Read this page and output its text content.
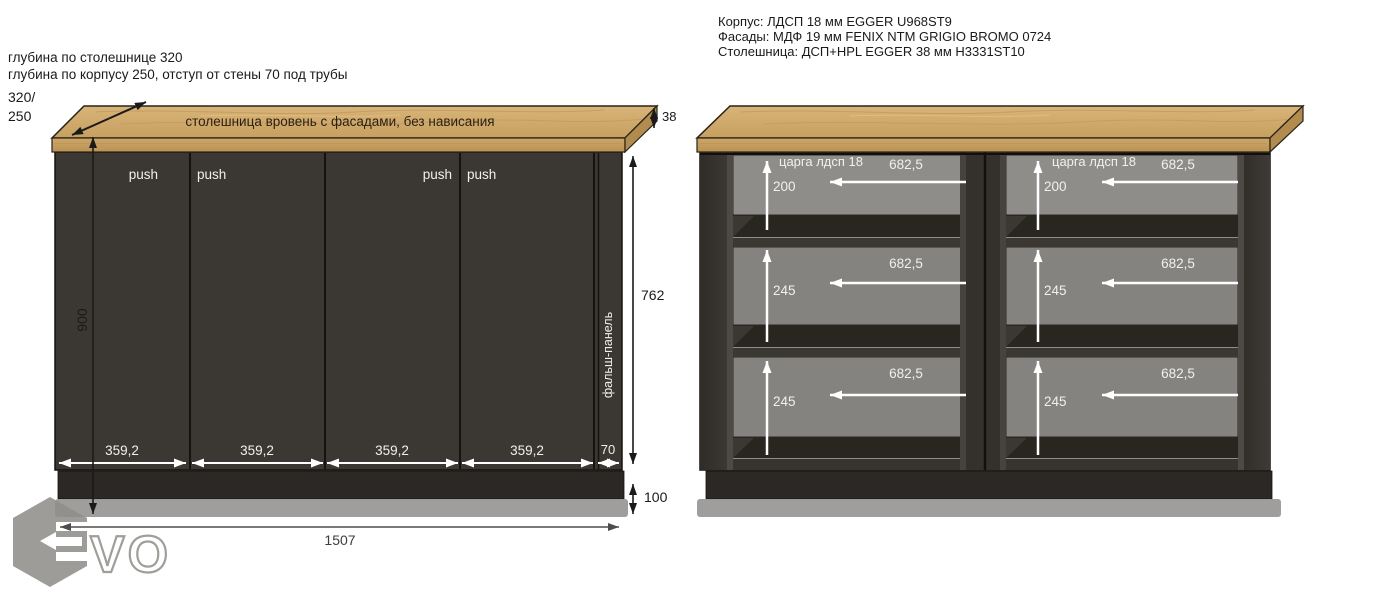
VO
глубина по столешнице 320
глубина по корпусу 250, отступ от стены 70 под трубы
Корпус: ЛДСП 18 мм EGGER U968ST9
Фасады: МДФ 19 мм FENIX NTM GRIGIO BROMO 0724
Столешница: ДСП+HPL EGGER 38 мм H3331ST10
320/
250	столешница вровень с фасадами, без нависания	38
push	push	push push
фальш-панель
900
762
100
1507
359,2	359,2	359,2	359,2	70
царга лдсп 18	царга лдсп 18
682,5
682,5
682,5
682,5
682,5
682,5
200	200
245	245
245	245
